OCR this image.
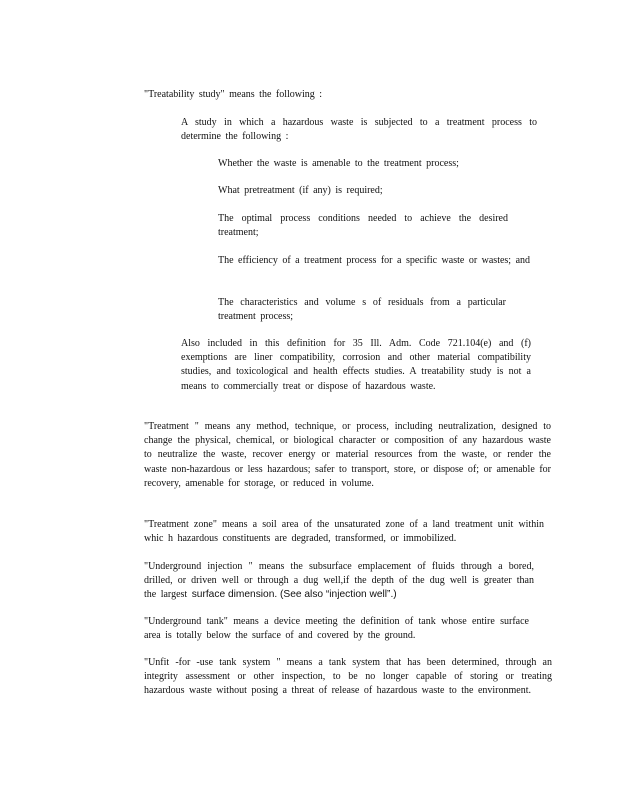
"Treatability study" means the following :
A study in which a hazardous waste is subjected to a treatment process to determine the following :
Whether the waste is amenable to the treatment process;
What pretreatment (if any) is required;
The optimal process conditions needed to achieve the desired treatment;
The efficiency of a treatment process for a specific waste or wastes; and
The characteristics and volume s of residuals from a particular treatment process;
Also included in this definition for 35 Ill. Adm. Code 721.104(e) and (f) exemptions are liner compatibility, corrosion and other material compatibility studies, and toxicological and health effects studies. A treatability study is not a means to commercially treat or dispose of hazardous waste.
"Treatment " means any method, technique, or process, including neutralization, designed to change the physical, chemical, or biological character or composition of any hazardous waste to neutralize the waste, recover energy or material resources from the waste, or render the waste non-hazardous or less hazardous; safer to transport, store, or dispose of; or amenable for recovery, amenable for storage, or reduced in volume.
"Treatment zone" means a soil area of the unsaturated zone of a land treatment unit within whic h hazardous constituents are degraded, transformed, or immobilized.
"Underground injection " means the subsurface emplacement of fluids through a bored, drilled, or driven well or through a dug well,if the depth of the dug well is greater than the largest surface dimension. (See also “injection well”.)
"Underground tank" means a device meeting the definition of tank whose entire surface area is totally below the surface of and covered by the ground.
"Unfit -for -use tank system " means a tank system that has been determined, through an integrity assessment or other inspection, to be no longer capable of storing or treating hazardous waste without posing a threat of release of hazardous waste to the environment.
